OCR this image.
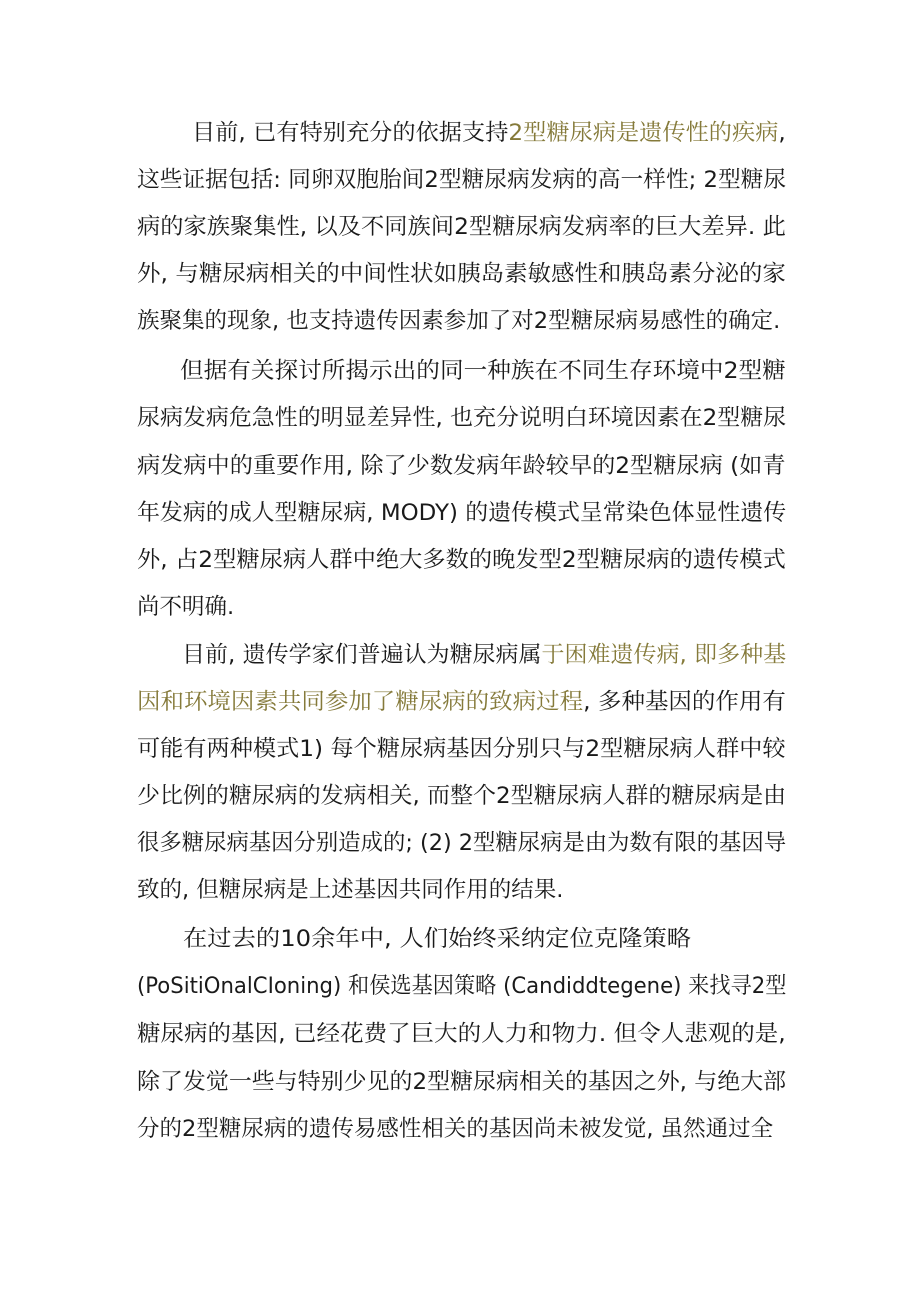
目前, 已有特别充分的依据支持2型糖尿病是遗传性的疾病,
这些证据包括: 同卵双胞胎间2型糖尿病发病的高一样性; 2型糖尿
病的家族聚集性, 以及不同族间2型糖尿病发病率的巨大差异. 此
外, 与糖尿病相关的中间性状如胰岛素敏感性和胰岛素分泌的家
族聚集的现象, 也支持遗传因素参加了对2型糖尿病易感性的确定.
但据有关探讨所揭示出的同一种族在不同生存环境中2型糖
尿病发病危急性的明显差异性, 也充分说明白环境因素在2型糖尿
病发病中的重要作用, 除了少数发病年龄较早的2型糖尿病 (如青
年发病的成人型糖尿病, MODY) 的遗传模式呈常染色体显性遗传
外, 占2型糖尿病人群中绝大多数的晚发型2型糖尿病的遗传模式
尚不明确.
目前, 遗传学家们普遍认为糖尿病属于困难遗传病, 即多种基
因和环境因素共同参加了糖尿病的致病过程, 多种基因的作用有
可能有两种模式1) 每个糖尿病基因分别只与2型糖尿病人群中较
少比例的糖尿病的发病相关, 而整个2型糖尿病人群的糖尿病是由
很多糖尿病基因分别造成的; (2) 2型糖尿病是由为数有限的基因导
致的, 但糖尿病是上述基因共同作用的结果.
在过去的10余年中, 人们始终采纳定位克隆策略
(PoSitiOnalCIoning) 和侯选基因策略 (Candiddtegene) 来找寻2型
糖尿病的基因, 已经花费了巨大的人力和物力. 但令人悲观的是,
除了发觉一些与特别少见的2型糖尿病相关的基因之外, 与绝大部
分的2型糖尿病的遗传易感性相关的基因尚未被发觉, 虽然通过全
